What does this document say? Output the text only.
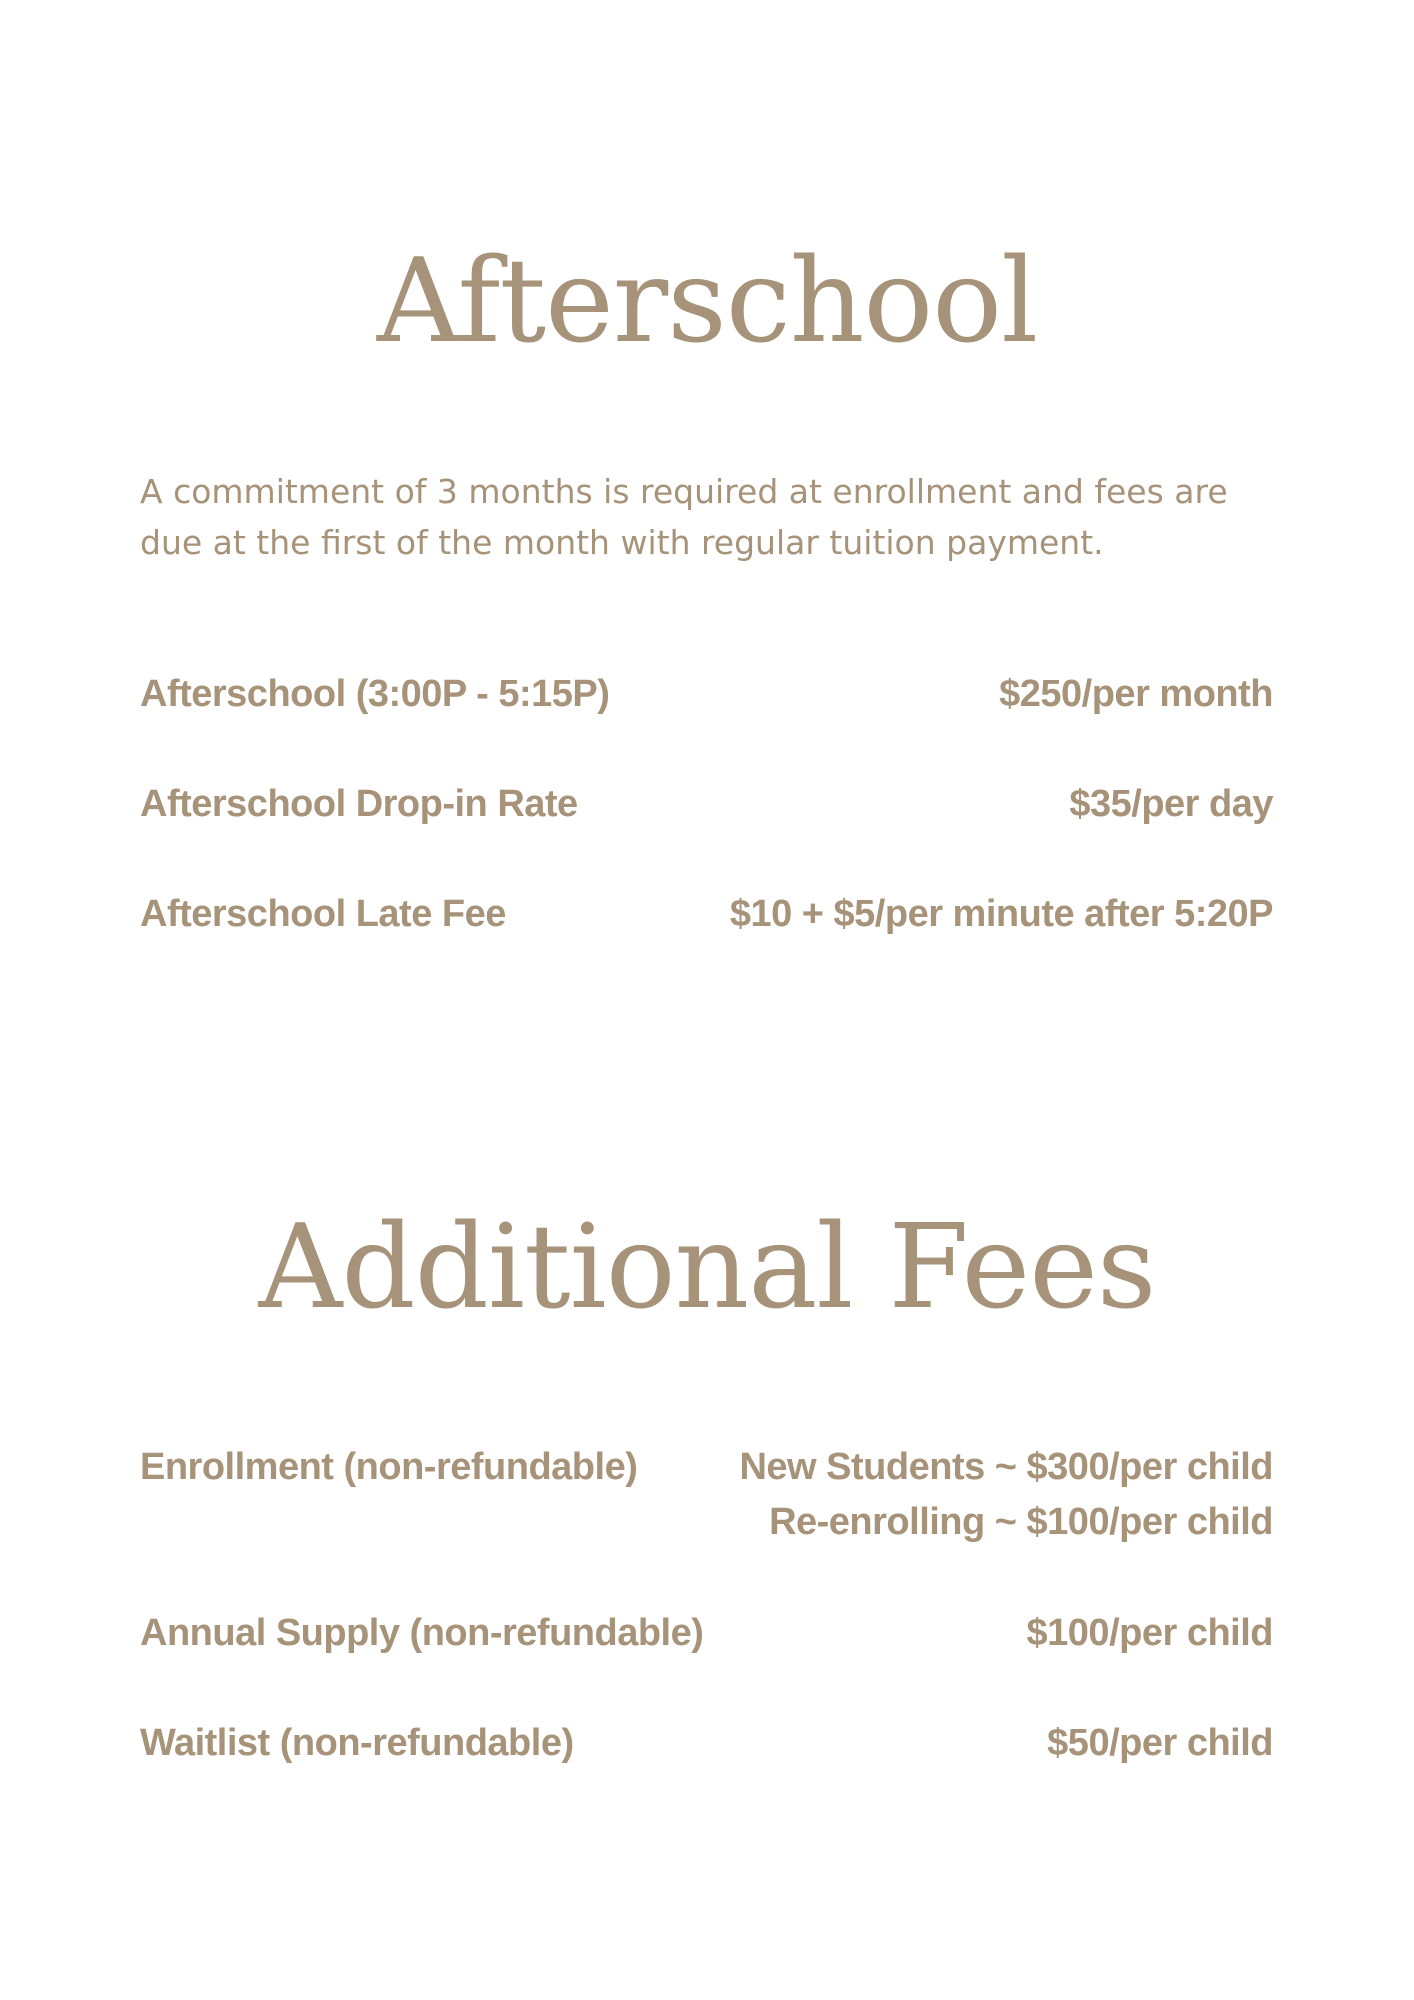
Afterschool

A commitment of 3 months is required at enrollment and fees are due at the first of the month with regular tuition payment.

Afterschool (3:00P - 5:15P)	$250/per month
Afterschool Drop-in Rate	$35/per day
Afterschool Late Fee	$10 + $5/per minute after 5:20P
Additional Fees
Enrollment (non-refundable)	New Students ~ $300/per child
Re-enrolling ~ $100/per child
Annual Supply (non-refundable)	$100/per child
Waitlist (non-refundable)	$50/per child
